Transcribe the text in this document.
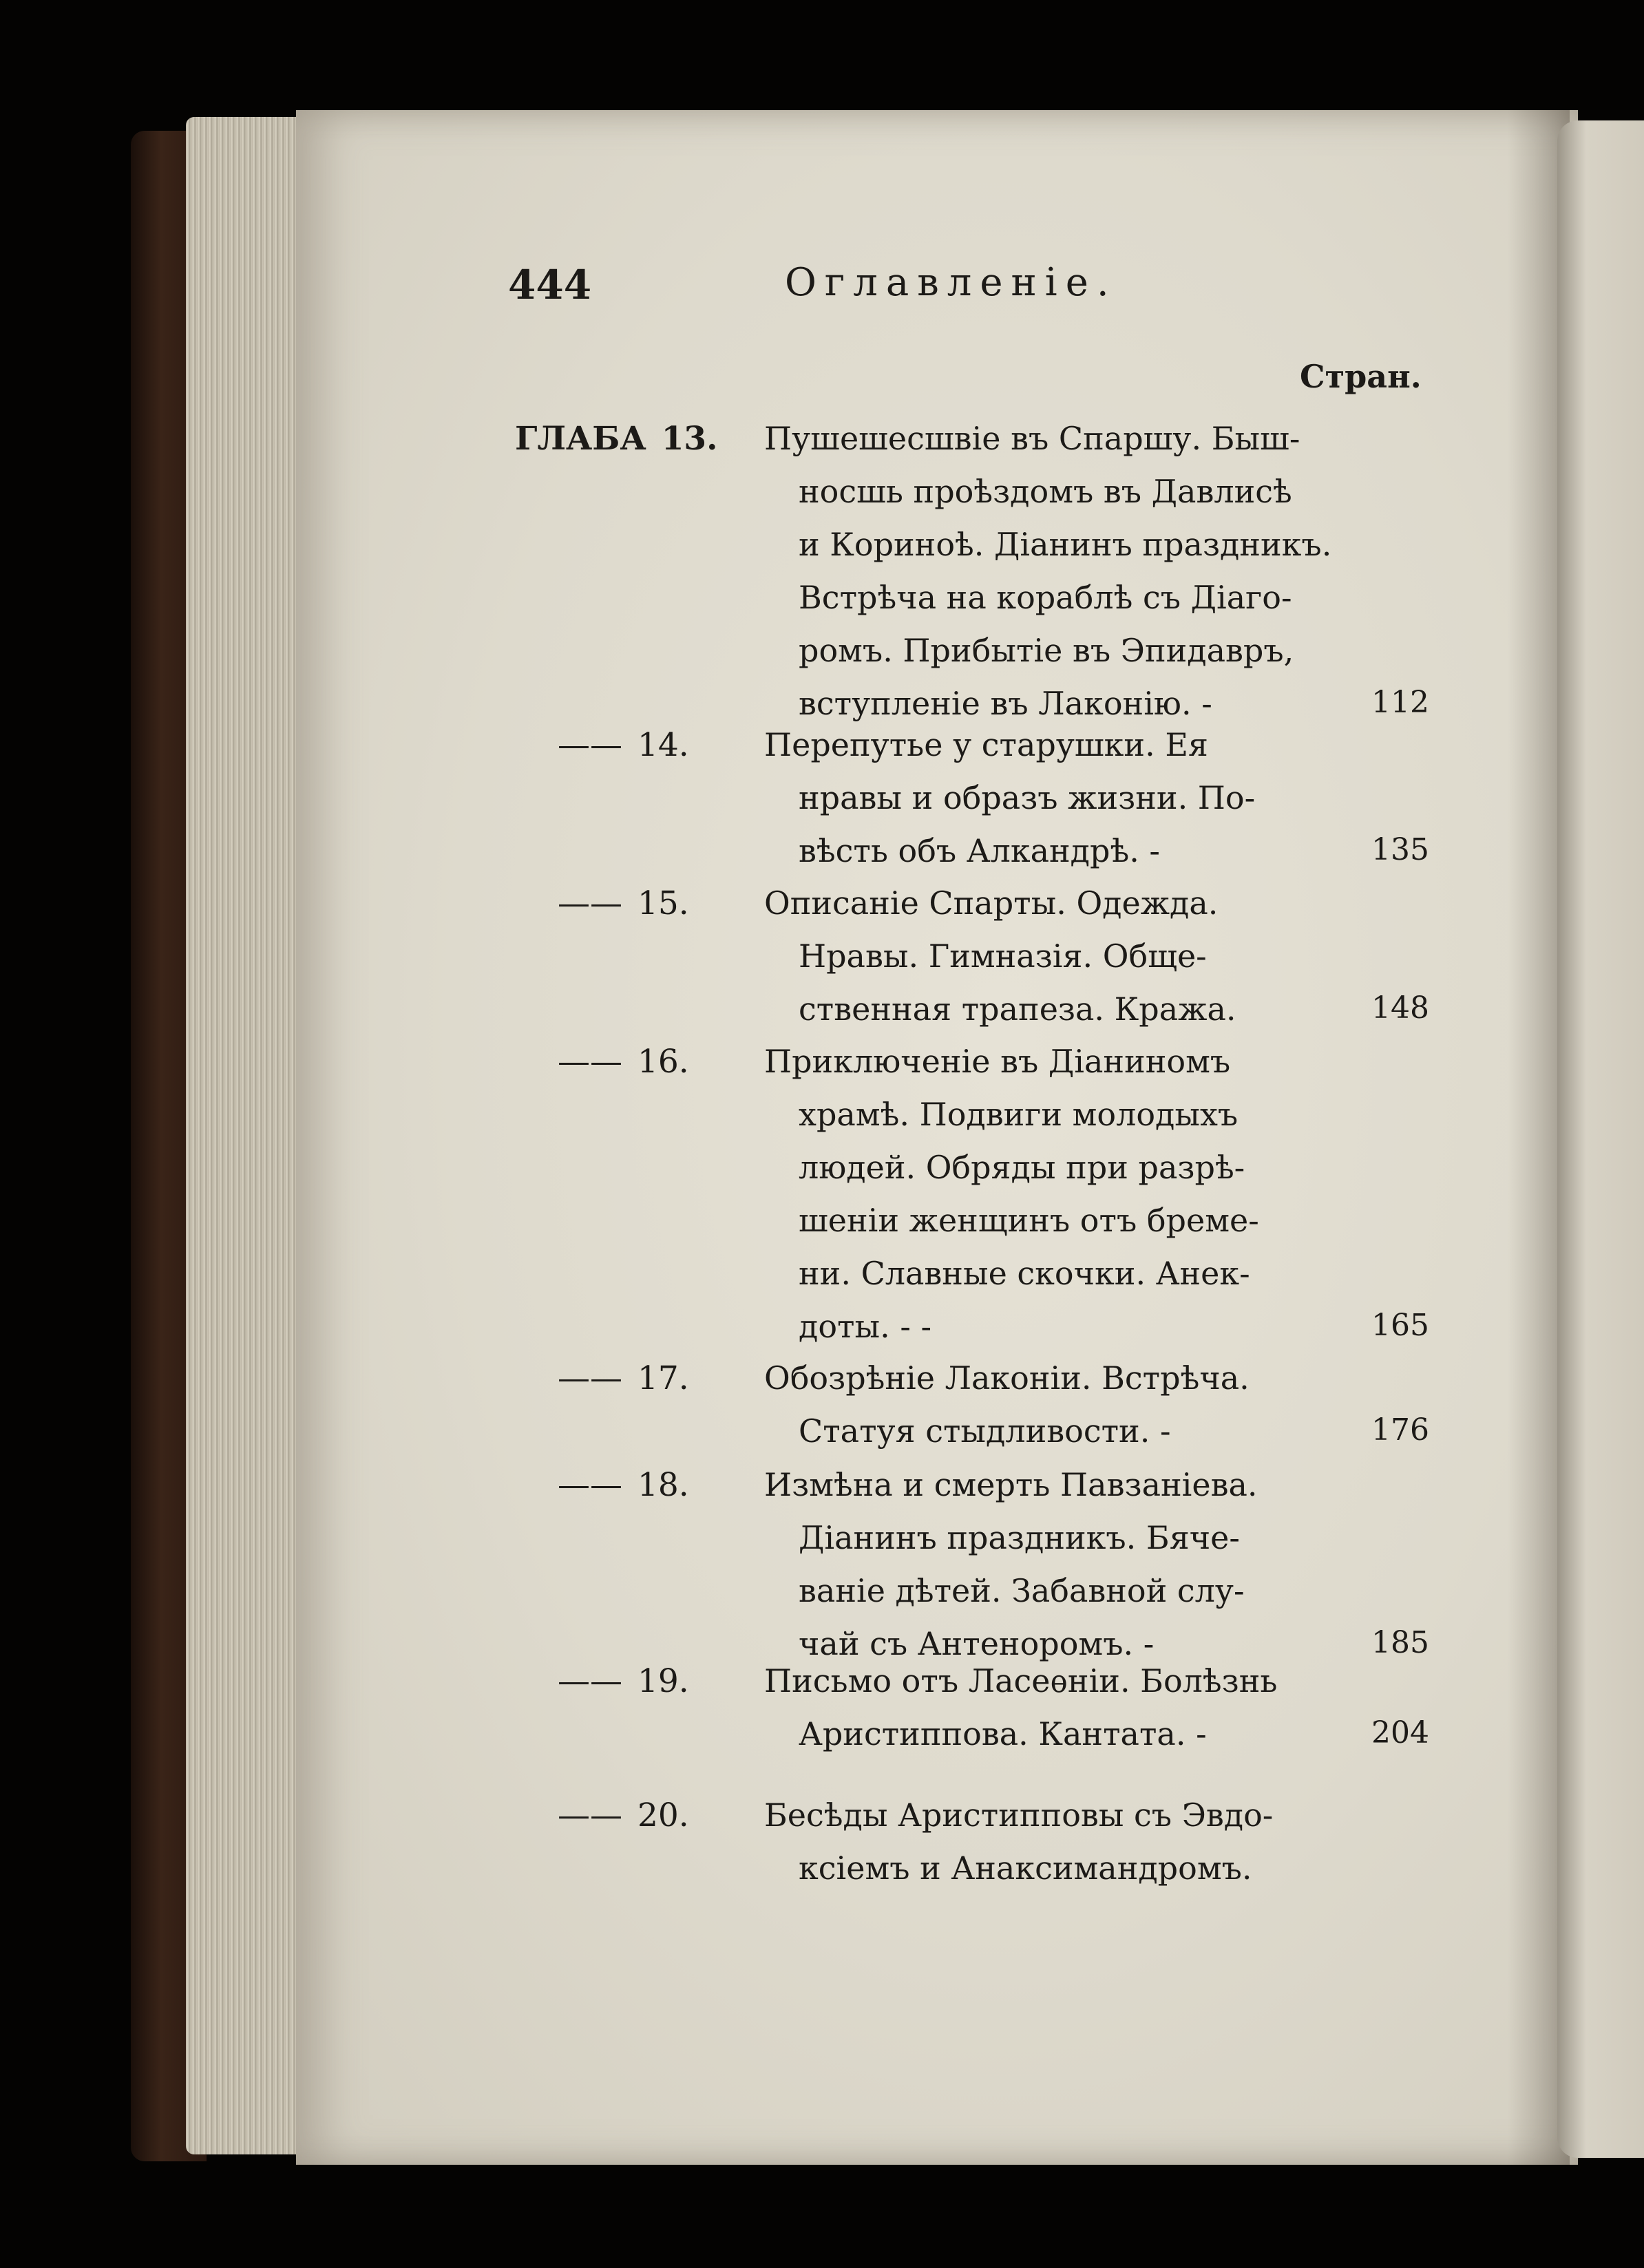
444	Оглавленіе.
Стран.
ГЛАБА 13. Пушешесшвіе въ Спаршу. Быш-
носшь проѣздомъ въ Давлисѣ
и Кориноѣ. Діанинъ праздникъ.
Встрѣча на кораблѣ съ Діаго-
ромъ. Прибытіе въ Эпидавръ,
вступленіе въ Лаконію. -	112
—— 14. Перепутье у старушки. Ея
нравы и образъ жизни. По-
вѣсть объ Алкандрѣ. -	135
—— 15. Описаніе Спарты. Одежда.
Нравы. Гимназія. Обще-
ственная трапеза. Кража.	148
—— 16. Приключеніе въ Діаниномъ
храмѣ. Подвиги молодыхъ
людей. Обряды при разрѣ-
шеніи женщинъ отъ бреме-
ни. Славные скочки. Анек-
доты. - -	165
—— 17. Обозрѣніе Лаконіи. Встрѣча.
Статуя стыдливости. -	176
—— 18. Измѣна и смерть Павзаніева.
Діанинъ праздникъ. Бяче-
ваніе дѣтей. Забавной слу-
чай съ Антеноромъ. -	185
—— 19. Письмо отъ Ласеѳніи. Болѣзнь
Аристиппова. Кантата. -	204
—— 20. Бесѣды Аристипповы съ Эвдо-
ксіемъ и Анаксимандромъ.
